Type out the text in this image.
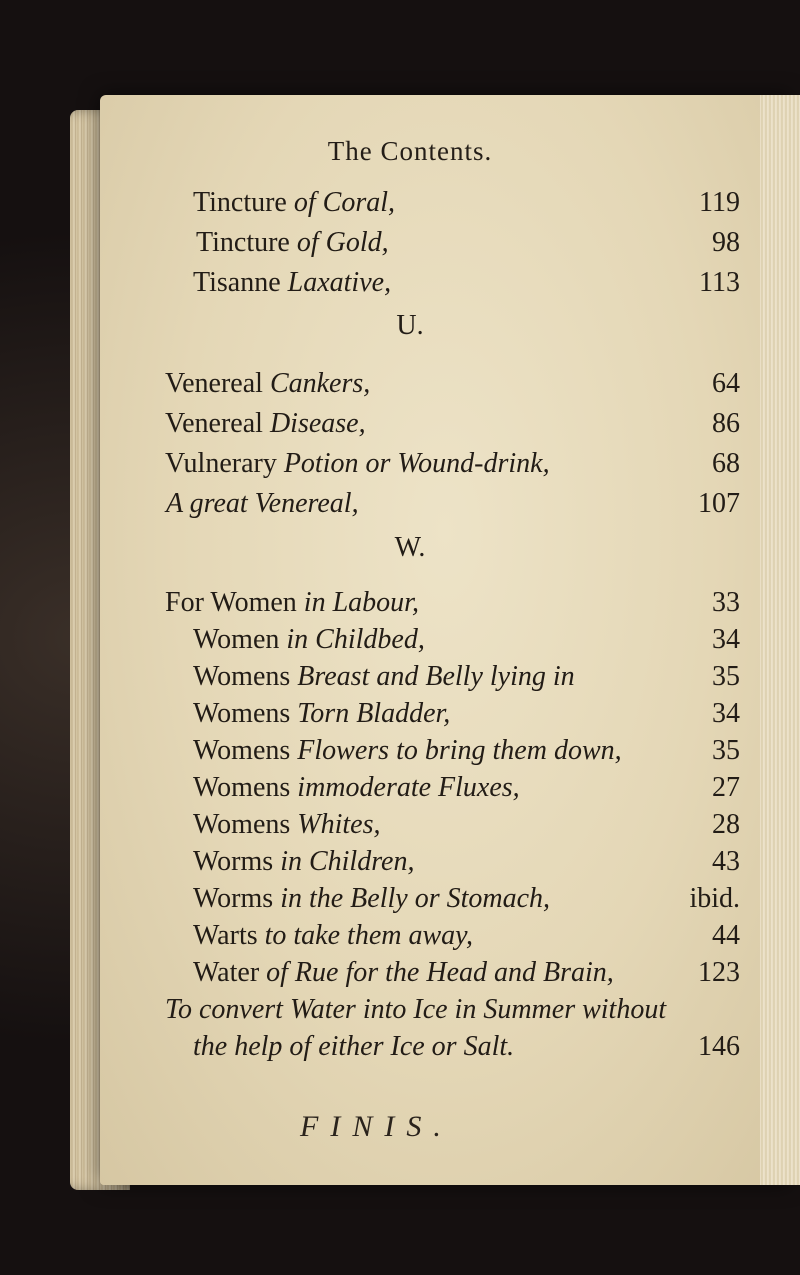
The Contents.
Tincture of Coral,	119
Tincture of Gold,	98
Tisanne Laxative,	113
U.
Venereal Cankers,	64
Venereal Disease,	86
Vulnerary Potion or Wound-drink,	68
A great Venereal,	107
W.
For Women in Labour,	33
Women in Childbed,	34
Womens Breast and Belly lying in	35
Womens Torn Bladder,	34
Womens Flowers to bring them down,	35
Womens immoderate Fluxes,	27
Womens Whites,	28
Worms in Children,	43
Worms in the Belly or Stomach,	ibid.
Warts to take them away,	44
Water of Rue for the Head and Brain,	123
To convert Water into Ice in Summer without
the help of either Ice or Salt.	146
FINIS.
